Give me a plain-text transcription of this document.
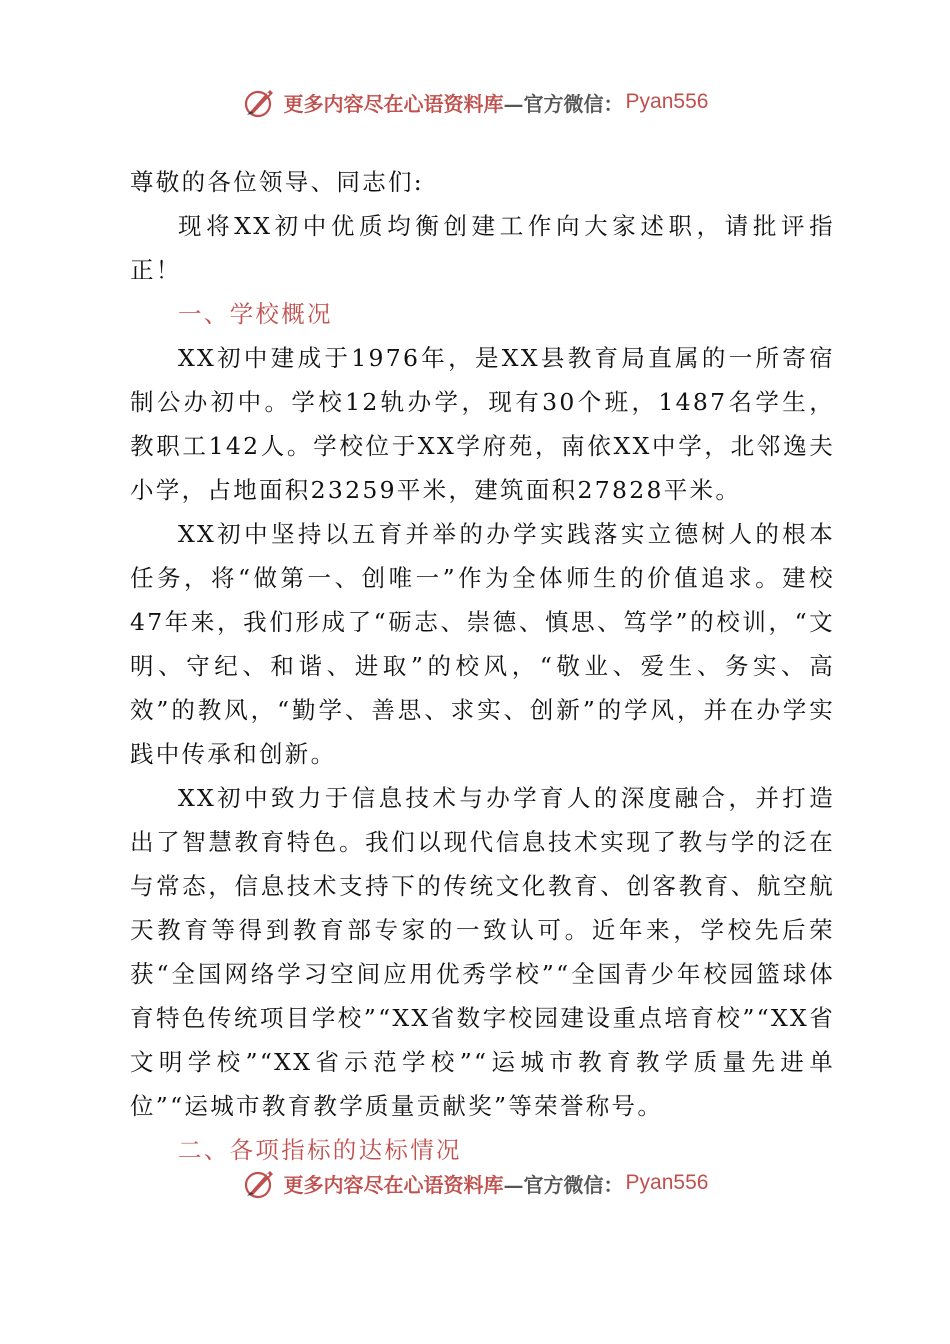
更多内容尽在心语资料库 —官方微信： Pyan556
尊敬的各位领导、同志们:

现将XX初中优质均衡创建工作向大家述职，请批评指正！

一、学校概况

XX初中建成于1976年，是XX县教育局直属的一所寄宿制公办初中。学校12轨办学，现有30个班，1487名学生，教职工142人。学校位于XX学府苑，南依XX中学，北邻逸夫小学，占地面积23259平米，建筑面积27828平米。

XX初中坚持以五育并举的办学实践落实立德树人的根本任务，将“做第一、创唯一”作为全体师生的价值追求。建校47年来，我们形成了“砺志、崇德、慎思、笃学”的校训，“文明、守纪、和谐、进取”的校风，“敬业、爱生、务实、高效”的教风，“勤学、善思、求实、创新”的学风，并在办学实践中传承和创新。

XX初中致力于信息技术与办学育人的深度融合，并打造出了智慧教育特色。我们以现代信息技术实现了教与学的泛在与常态，信息技术支持下的传统文化教育、创客教育、航空航天教育等得到教育部专家的一致认可。近年来，学校先后荣获“全国网络学习空间应用优秀学校”“全国青少年校园篮球体育特色传统项目学校”“XX省数字校园建设重点培育校”“XX省文明学校”“XX省示范学校”“运城市教育教学质量先进单位”“运城市教育教学质量贡献奖”等荣誉称号。

二、各项指标的达标情况

更多内容尽在心语资料库 —官方微信： Pyan556
